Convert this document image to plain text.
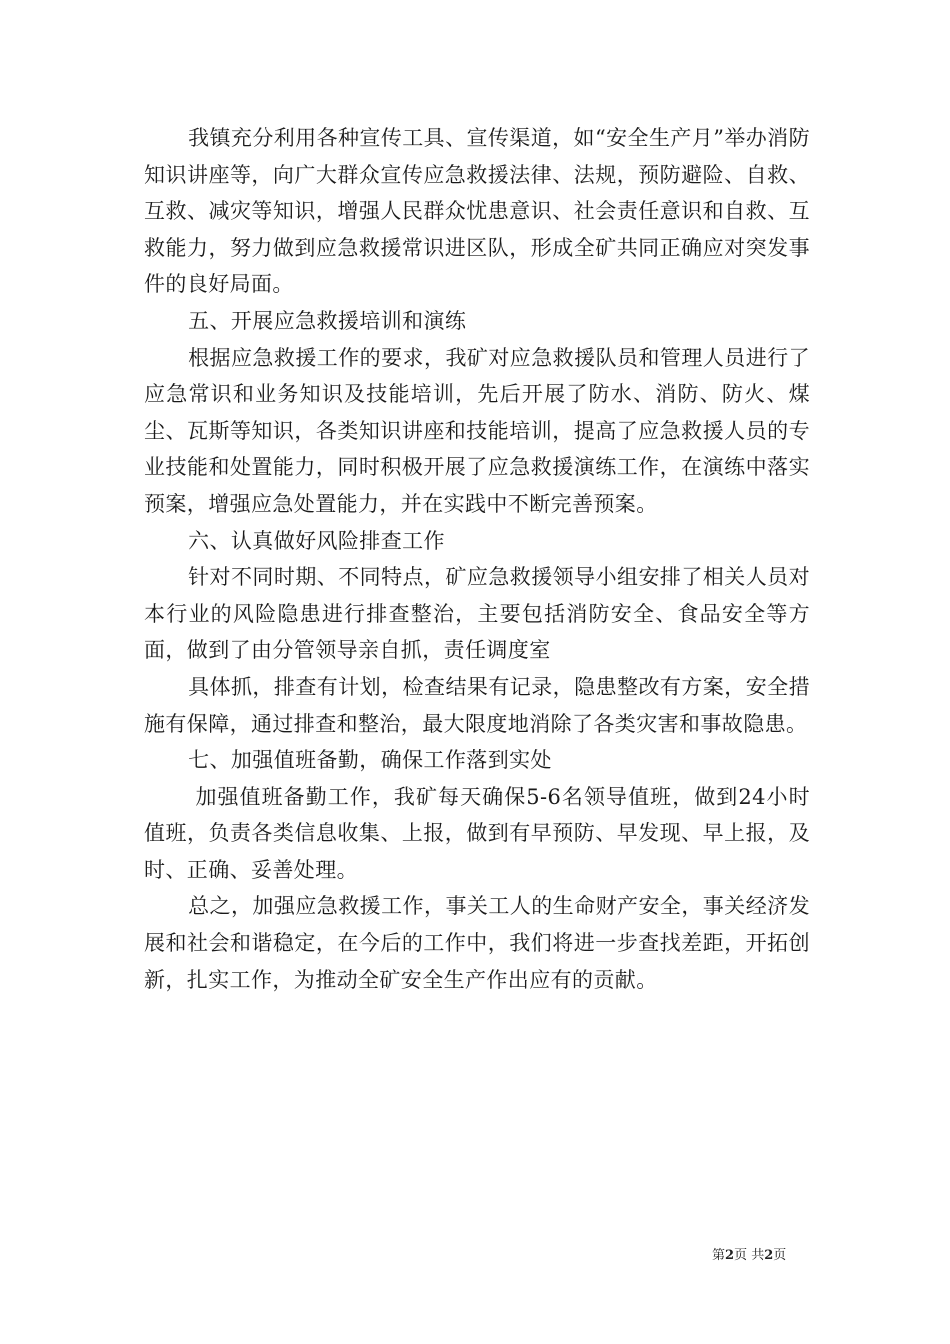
我镇充分利用各种宣传工具、宣传渠道，如“安全生产月”举办消防知识讲座等，向广大群众宣传应急救援法律、法规，预防避险、自救、互救、减灾等知识，增强人民群众忧患意识、社会责任意识和自救、互救能力，努力做到应急救援常识进区队，形成全矿共同正确应对突发事件的良好局面。

五、开展应急救援培训和演练

根据应急救援工作的要求，我矿对应急救援队员和管理人员进行了应急常识和业务知识及技能培训，先后开展了防水、消防、防火、煤尘、瓦斯等知识，各类知识讲座和技能培训，提高了应急救援人员的专业技能和处置能力，同时积极开展了应急救援演练工作，在演练中落实预案，增强应急处置能力，并在实践中不断完善预案。

六、认真做好风险排查工作

针对不同时期、不同特点，矿应急救援领导小组安排了相关人员对本行业的风险隐患进行排查整治，主要包括消防安全、食品安全等方面，做到了由分管领导亲自抓，责任调度室

具体抓，排查有计划，检查结果有记录，隐患整改有方案，安全措施有保障，通过排查和整治，最大限度地消除了各类灾害和事故隐患。

七、加强值班备勤，确保工作落到实处

加强值班备勤工作，我矿每天确保5-6名领导值班，做到24小时值班，负责各类信息收集、上报，做到有早预防、早发现、早上报，及时、正确、妥善处理。

总之，加强应急救援工作，事关工人的生命财产安全，事关经济发展和社会和谐稳定，在今后的工作中，我们将进一步查找差距，开拓创新，扎实工作，为推动全矿安全生产作出应有的贡献。

第2页 共2页
